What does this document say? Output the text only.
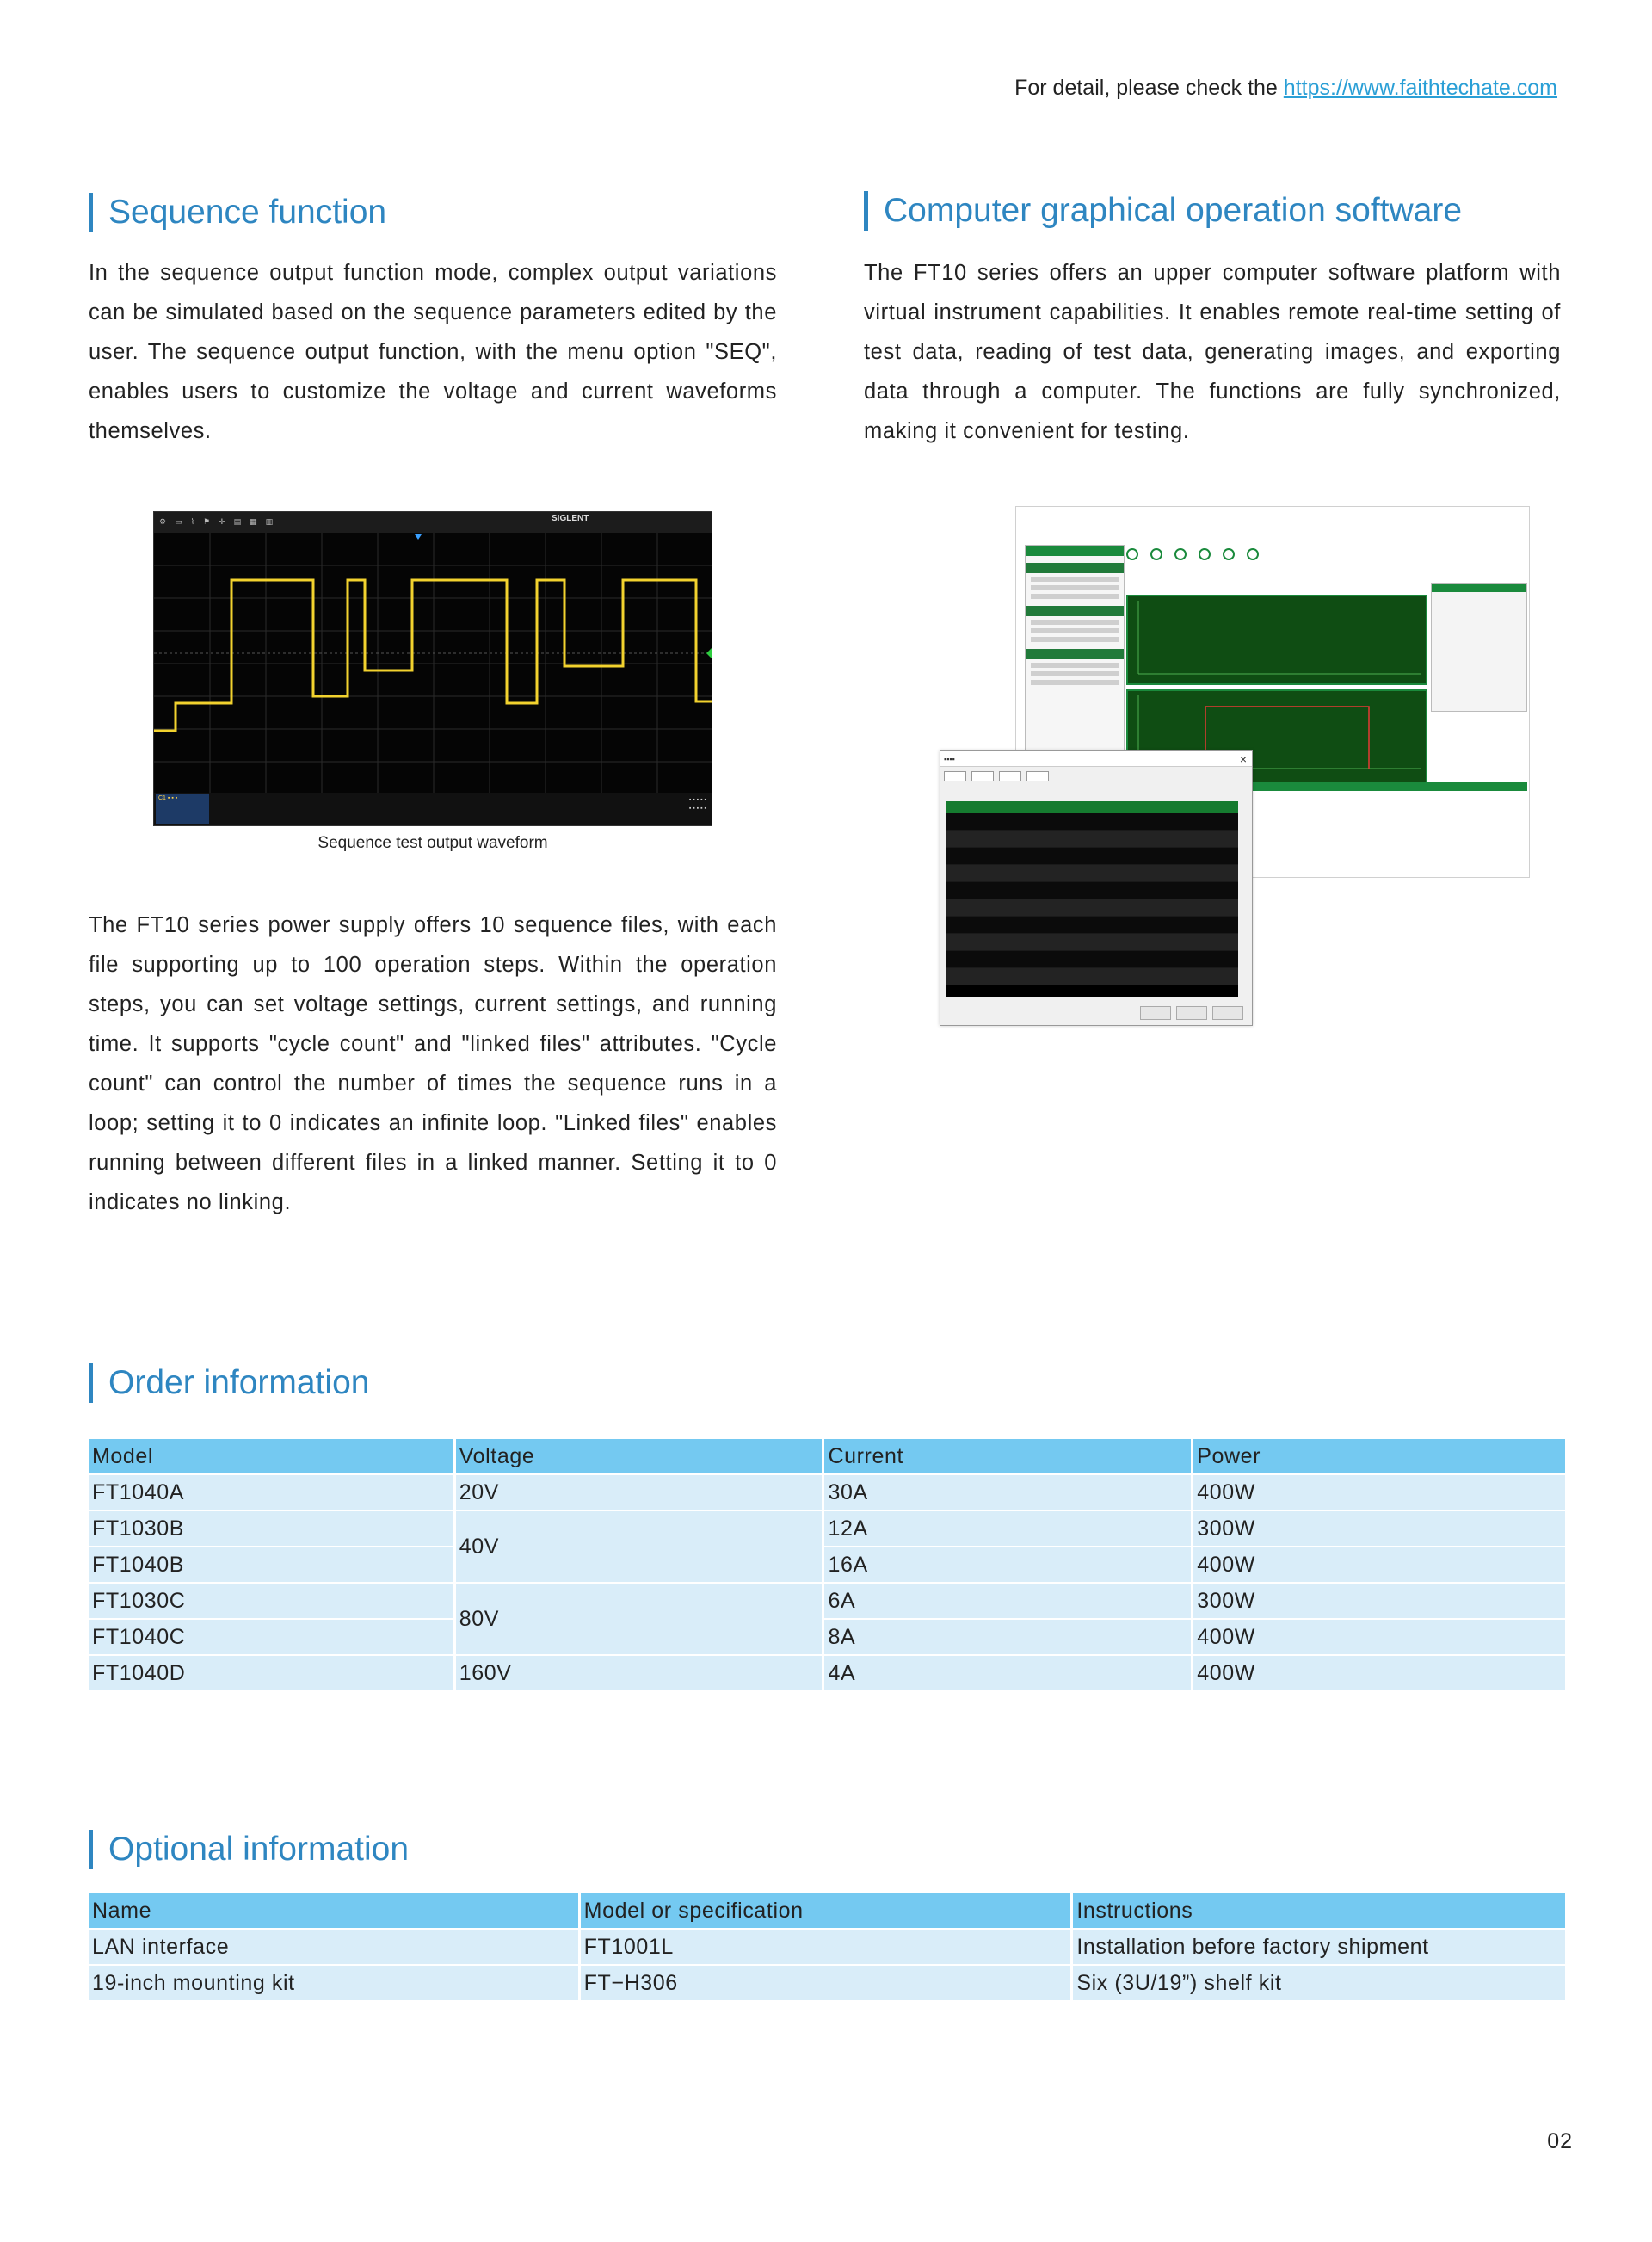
For detail, please check the https://www.faithtechate.com
Sequence function
In the sequence output function mode, complex output variations can be simulated based on the sequence parameters edited by the user. The sequence output function, with the menu option "SEQ", enables users to customize the voltage and current waveforms themselves.
⚙ ▭ ⌇ ⚑ ✛ ▤ ▦ ▥	SIGLENT
C1 ▪ ▪ ▪	▪ ▪ ▪ ▪ ▪
▪ ▪ ▪ ▪ ▪
Sequence test output waveform
The FT10 series power supply offers 10 sequence files, with each file supporting up to 100 operation steps. Within the operation steps, you can set voltage settings, current settings, and running time. It supports "cycle count" and "linked files" attributes. "Cycle count" can control the number of times the sequence runs in a loop; setting it to 0 indicates an infinite loop. "Linked files" enables running between different files in a linked manner. Setting it to 0 indicates no linking.
Computer graphical operation software
The FT10 series offers an upper computer software platform with virtual instrument capabilities. It enables remote real-time setting of test data, reading of test data, generating images, and exporting data through a computer. The functions are fully synchronized, making it convenient for testing.
▪▪▪▪	×
Order information
Model	Voltage	Current	Power
FT1040A	20V	30A	400W
FT1030B	40V	12A	300W
FT1040B		16A	400W
FT1030C	80V	6A	300W
FT1040C		8A	400W
FT1040D	160V	4A	400W
Optional information
Name	Model or specification	Instructions
LAN interface	FT1001L	Installation before factory shipment
19-inch mounting kit	FT−H306	Six (3U/19”) shelf kit
02
